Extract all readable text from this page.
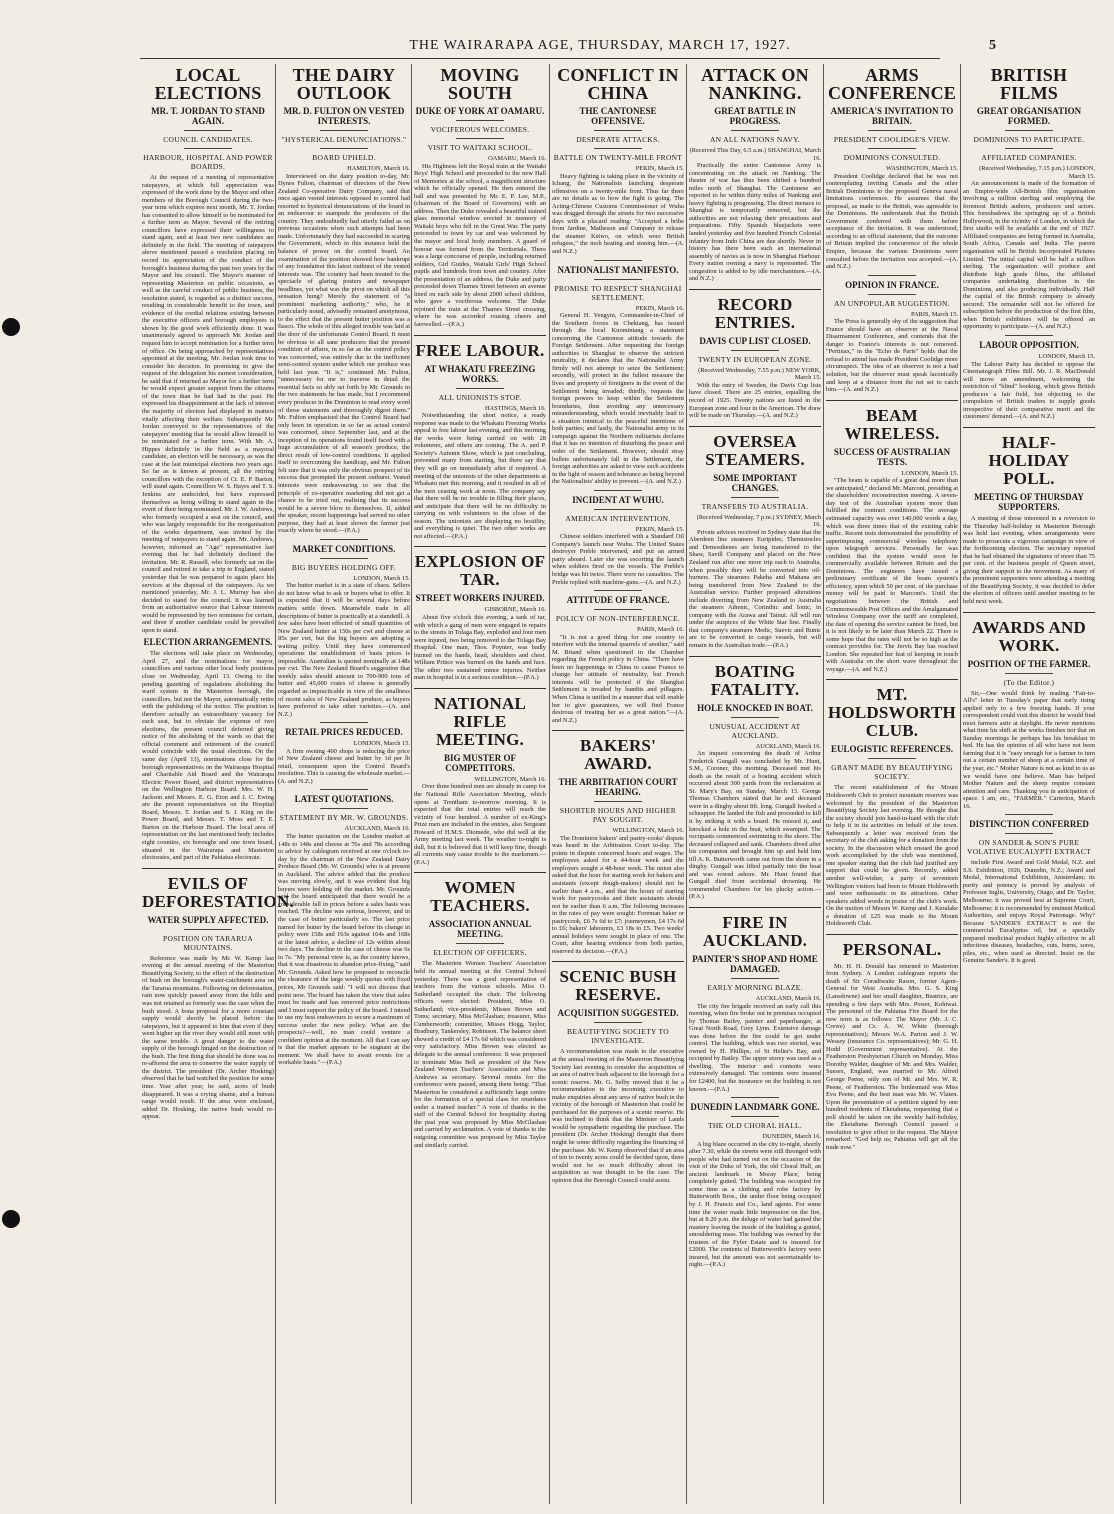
THE WAIRARAPA AGE, THURSDAY, MARCH 17, 1927.	5
LOCAL ELECTIONS
MR. T. JORDAN TO STAND AGAIN.
COUNCIL CANDIDATES.
HARBOUR, HOSPITAL AND POWER BOARDS.

At the request of a meeting of representative ratepayers, at which full appreciation was expressed of the work done by the Mayor and other members of the Borough Council during the two-year term which expires next month, Mr. T. Jordan has consented to allow himself to be nominated for a further term as Mayor. Several of the retiring councillors have expressed their willingness to stand again, and at least two new candidates are definitely in the field. The meeting of ratepayers above mentioned passed a resolution placing on record its appreciation of the conduct of the borough's business during the past two years by the Mayor and his council. The Mayor's manner of representing Masterton on public occasions, as well as the careful conduct of public business, the resolution stated, is regarded as a distinct success, resulting in considerable benefit to the town, and evidence of the cordial relations existing between the executive officers and borough employees is shown by the good work efficiently done. It was unanimously agreed to approach Mr. Jordan and request him to accept nomination for a further term of office. On being approached by representatives appointed at the meeting, Mr. Jordan took time to consider his decision. In promising to give the request of the delegation his earnest consideration, he said that if returned as Mayor for a further term he would expect greater support from the citizens of the town than he had had in the past. He expressed his disappointment at the lack of interest the majority of electors had displayed in matters vitally affecting their welfare. Subsequently Mr. Jordan conveyed to the representatives of the ratepayers' meeting that he would allow himself to be nominated for a further term. With Mr. A. Hippes definitely in the field as a mayoral candidate, an election will be necessary, as was the case at the last municipal elections two years ago. So far as is known at present, all the retiring councillors with the exception of Cr. E. P. Barton, will stand again. Councillors W. S. Hayes and T. S. Jenkins are undecided, but have expressed themselves as being willing to stand again in the event of their being nominated. Mr. J. W. Andrews, who formerly occupied a seat on the council, and who was largely responsible for the reorganisation of the works department, was invited by the meeting of ratepayers to stand again. Mr. Andrews, however, informed an "Age" representative last evening that he had definitely declined the invitation. Mr. R. Russell, who formerly sat on the council and retired to take a trip to England, stated yesterday that he was prepared to again place his services at the disposal of the ratepayers. As we mentioned yesterday, Mr. J. L. Murray has also decided to stand for the council. It was learned from an authoritative source that Labour interests would be represented by two nominees for certain, and three if another candidate could be prevailed upon to stand.

ELECTION ARRANGEMENTS.

The elections will take place on Wednesday, April 27, and the nominations for mayor, councillors and various other local body positions close on Wednesday, April 13. Owing to the pending gazetting of regulations abolishing the ward system in the Masterton borough, the councillors, but not the Mayor, automatically retire with the publishing of the notice. The position is therefore actually an extraordinary vacancy for each seat, but to obviate the expense of two elections, the present council deferred giving notice of the abolishing of the wards so that the official comment and retirement of the council would coincide with the usual elections. On the same day (April 13), nominations close for the borough representatives on the Wairarapa Hospital and Charitable Aid Board and the Wairarapa Electric Power Board, and district representatives on the Wellington Harbour Board. Mrs. W. H. Jackson and Messrs. E. G. Eton and J. C. Ewing are the present representatives on the Hospital Board, Messrs. T. Jordan and S. J. King on the Power Board, and Messrs. T. Moss and T. E. Barton on the Harbour Board. The local area of representation on the last mentioned body includes eight counties, six boroughs and one town board, situated in the Wairarapa and Masterton electorates, and part of the Pahiatua electorate.

EVILS OF DEFORESTATION.
WATER SUPPLY AFFECTED.
POSITION ON TARARUA MOUNTAINS.

Reference was made by Mr. W. Kemp last evening at the annual meeting of the Masterton Beautifying Society, to the effect of the destruction of bush on the borough's water-catchment area on the Tararua mountains. Following on deforestation, rain now quickly passed away from the hills and was not retained as formerly was the case when the bush stood. A bona proposal for a more constant supply would shortly be placed before the ratepayers, but it appeared to him that even if they went higher up the river they would still meet with the same trouble. A great danger to the water supply of the borough hinged on the destruction of the bush. The first thing that should be done was to re-afforest the area to conserve the water supply of the district. The president (Dr. Archer Hosking) observed that he had watched the position for some time. Year after year, he said, acres of bush disappeared. It was a crying shame, and a bureau range would result. If the area were enclosed, added Dr. Hosking, the native bush would re-appear.

THE DAIRY OUTLOOK
MR. D. FULTON ON VESTED INTERESTS.
"HYSTERICAL DENUNCIATIONS."
BOARD UPHELD.
HAMILTON, March 16.

Interviewed on the dairy position to-day, Mr. Dynes Fulton, chairman of directors of the New Zealand Co-operative Dairy Company, said that once again vested interests opposed to control had resorted to hysterical denunciations of the board in an endeavour to stampede the producers of the country. They undoubtedly had utterly failed as on previous occasions when such attempts had been made. Unfortunately they had succeeded in scaring the Government, which in this instance held the balance of power on the control board. An examination of the position showed how bankrupt of any foundation this latest outburst of the vested interests was. The country had been treated to the spectacle of glaring posters and newspaper headlines, yet what was the pivot on which all this sensation hung? Merely the statement of "a prominent marketing authority," who, be it particularly noted, advisedly remained anonymous, to the effect that the present butter position was a fiasco. The whole of this alleged trouble was laid at the door of the unfortunate Control Board. It must be obvious to all sane producers that the present condition of affairs, in so far as the control policy was concerned, was entirely due to the inefficient semi-control system under which our produce was held last year. "It is," continued Mr. Fulton, "unnecessary for me to traverse in detail the essential facts so ably set forth by Mr. Grounds in the two statements he has made, but I recommend every producer in the Dominion to read every word of those statements and thoroughly digest them." Mr. Fulton emphasised that the Control Board had only been in operation in so far as actual control was concerned, since September last, and at the inception of its operations found itself faced with a huge accumulation of all season's produce, the direct result of low-control conditions. It applied itself to overcoming the handicap, and Mr. Fulton felt sure that it was only the obvious prospect of its success that prompted the present outburst. Vested interests were endeavouring to see that the principle of co-operative marketing did not get a chance to be tried out, realising that its success would be a severe blow to themselves. If, added the speaker, recent happenings had served no other purpose, they had at least shown the farmer just exactly where he stood.—(P.A.)

MARKET CONDITIONS.
BIG BUYERS HOLDING OFF.
LONDON, March 15.

The butter market is in a state of chaos. Sellers do not know what to ask or buyers what to offer. It is expected that it will be several days before matters settle down. Meanwhile trade in all descriptions of butter is practically at a standstill. A few sales have been effected of small quantities of New Zealand butter at 150s per cwt and cheese at 85s per cwt, but the big buyers are adopting a waiting policy. Until they have commenced operations the establishment of basis prices is impossible. Australian is quoted nominally at 148s per cwt. The New Zealand Board's suggestion that weekly sales should amount to 700-900 tons of butter and 45,000 crates of cheese is generally regarded as impracticable in view of the smallness of recent sales of New Zealand produce, as buyers have preferred to take other varieties.—(A. and N.Z.)

RETAIL PRICES REDUCED.
LONDON, March 15.

A firm owning 400 shops is reducing the price of New Zealand cheese and butter by 1d per lb retail, consequent upon the Control Board's resolution. This is causing the wholesale market.—(A. and N.Z.)

LATEST QUOTATIONS.
STATEMENT BY MR. W. GROUNDS.
AUCKLAND, March 16.

The butter quotation on the London market at 148s to 148s and cheese at 76s and 78s according to advice by cablegram received at one o'clock to-day by the chairman of the New Zealand Dairy Produce Board (Mr. W. Grounds) who is at present in Auckland. The advice added that the produce was moving slowly, and it was evident that big buyers were holding off the market. Mr. Grounds said the board anticipated that there would be a considerable fall in prices before a sales basis was reached. The decline was serious, however, and in the case of butter particularly so. The last price named for butter by the board before its change in policy were 158s and 163s against 164s and 168s at the latest advice, a decline of 12s within about two days. The decline in the case of cheese was 6s to 7s. "My personal view is, as the country knows, that it was disastrous to abandon price-fixing," said Mr. Grounds. Asked how he proposed to reconcile the clearance of the large weekly quotas with fixed prices, Mr Grounds said: "I will not discuss that point now. The board has taken the view that sales must be made and has removed price restrictions and I must support the policy of the board. I intend to use my best endeavours to secure a maximum of success under the new policy. What are the prospects?—well, no man could venture a confident opinion at the moment. All that I can say is that the market appears to be stagnant at the moment. We shall have to await events for a workable basis."—(P.A.)

MOVING SOUTH
DUKE OF YORK AT OAMARU.
VOCIFEROUS WELCOMES.
VISIT TO WAITAKI SCHOOL.
OAMARU, March 16.

His Highness left the Royal train at the Waitaki Boys' High School and proceeded to the new Hall of Memories at the school, a magnificent structure which he officially opened. He then entered the hall and was presented by Mr. E. P. Lee, M.P., (chairman of the Board of Governors) with an address. Then the Duke revealed a beautiful stained glass memorial window erected in memory of Waitaki boys who fell in the Great War. The party proceeded to town by car and was welcomed by the mayor and local body members. A guard of honour was formed from the Territorials. There was a large concourse of people, including returned soldiers, Girl Guides, Waitaki Girls' High School pupils and hundreds from town and country. After the presentation of an address, the Duke and party proceeded down Thames Street between an avenue lined on each side by about 2000 school children, who gave a vociferous welcome. The Duke rejoined the train at the Thames Street crossing, where he was accorded rousing cheers and farewelled.—(P.A.)

FREE LABOUR.
AT WHAKATU FREEZING WORKS.
ALL UNIONISTS STOP.
HASTINGS, March 16.

Notwithstanding the short notice, a ready response was made to the Whakatu Freezing Works appeal to free labour last evening, and this morning the works were being carried on with 28 volunteers, and others are coming. The A. and P. Society's Autumn Show, which is just concluding, prevented many from starting, but there say that they will go on immediately after if required. A meeting of the unionists of the other departments at Whakatu met this morning, and it resulted in all of the men ceasing work at noon. The company say that there will be no trouble in filling their places, and anticipate that there will be no difficulty in carrying on with volunteers to the close of the season. The unionists are displaying no hostility, and everything is quiet. The two other works are not affected.—(P.A.)

EXPLOSION OF TAR.
STREET WORKERS INJURED.
GISBORNE, March 16.

About five o'clock this evening, a tank of tar, with which a gang of men were engaged in repairs to the streets in Tolaga Bay, exploded and four men were injured, two being removed to the Tolaga Bay Hospital. One man, Thos. Poynter, was badly burned on the hands, head, shoulders and chest. William Prince was burned on the hands and face. The other two sustained minor injuries. Neither man in hospital is in a serious condition.—(P.A.)

NATIONAL RIFLE MEETING.
BIG MUSTER OF COMPETITORS.
WELLINGTON, March 16.

Over three hundred men are already in camp for the National Rifle Association Meeting, which opens at Trentham to-morrow morning. It is expected that the total entries will reach the vicinity of four hundred. A number of ex-King's Prize men are included in the entries, also Sergeant Howard of H.M.S. Diomede, who did well at the Army meeting last week. The weather to-night is dull, but it is believed that it will keep fine, though all currents may cause trouble to the marksmen.—(P.A.)

WOMEN TEACHERS.
ASSOCIATION ANNUAL MEETING.
ELECTION OF OFFICERS.

The Masterton Women Teachers' Association held its annual meeting at the Central School yesterday. There was a good representation of teachers from the various schools. Miss O. Sutherland occupied the chair. The following officers were elected: President, Miss O. Sutherland; vice-presidents, Misses Brown and Toms; secretary, Miss McGlashan; treasurer, Miss Cumberworth; committee, Misses Hogg, Taylor, Bradbury, Tankersley, Robinson. The balance sheet showed a credit of £4 17s 6d which was considered very satisfactory. Miss Brown was elected as delegate to the annual conference. It was proposed to nominate Miss Bell as president of the New Zealand Women Teachers' Association and Miss Andrews as secretary. Several remits for the conference were passed, among them being: "That Masterton be considered a sufficiently large centre for the formation of a special class for retardates under a trained teacher." A vote of thanks to the staff of the Central School for hospitality during the past year was proposed by Miss McGlashan and carried by acclamation. A vote of thanks to the outgoing committee was proposed by Miss Taylor and similarly carried.

CONFLICT IN CHINA
THE CANTONESE OFFENSIVE.
DESPERATE ATTACKS.
BATTLE ON TWENTY-MILE FRONT
PEKIN, March 15.

Heavy fighting is taking place in the vicinity of Ichang, the Nationalists launching desperate offensives on a twenty-mile front. Thus far there are no details as to how the fight is going. The Acting-Chinese Customs Commissioner of Wuhu was dragged through the streets for two successive days with a placard reading: "Accepted a bribe from Jardine, Matheson and Company to release the steamer Ketwo, on which were British refugees," the mob beating and stoning him.—(A. and N.Z.)

NATIONALIST MANIFESTO.
PROMISE TO RESPECT SHANGHAI SETTLEMENT.
PEKIN, March 16.

General H. Yengyin, Commander-in-Chief of the Southern forces in Chekiang, has issued through the local Kuomintang a statement concerning the Cantonese attitude towards the Foreign Settlement. After requesting the foreign authorities in Shanghai to observe the strictest neutrality, it declares that the Nationalist Army firmly will not attempt to seize the Settlement; secondly, will protect in the fullest measure the lives and property of foreigners in the event of the Settlement being invaded; thirdly, requests the foreign powers to keep within the Settlement boundaries, thus avoiding any unnecessary misunderstanding, which would inevitably lead to a situation inimical to the peaceful intentions of both parties; and lastly, the Nationalist army in its campaign against the Northern militarists declares that it has no intention of disturbing the peace and order of the Settlement. However, should stray bullets unfortunately fall in the Settlement, the foreign authorities are asked to view such accidents in the light of reason and tolerance as being beyond the Nationalists' ability to prevent.—(A. and N.Z.)

INCIDENT AT WUHU.
AMERICAN INTERVENTION.
PEKIN, March 15.

Chinese soldiers interfered with a Standard Oil Company's launch near Wuhu. The United States destroyer Preble intervened, and put an armed party aboard. Later she was escorting the launch when soldiers fired on the vessels. The Preble's bridge was hit twice. There were no casualties. The Preble replied with machine-guns.—(A. and N.Z.)

ATTITUDE OF FRANCE.
POLICY OF NON-INTERFERENCE.
PARIS, March 16.

"It is not a good thing for one country to interfere with the internal quarrels of another," said M. Briand when questioned in the Chamber regarding the French policy in China. "There have been no happenings in China to cause France to change her attitude of neutrality, but French interests will be protected if the Shanghai Settlement is invaded by bandits and pillagers. When China is unified in a manner that will enable her to give guarantees, we will find France desirous of treating her as a great nation."—(A. and N.Z.)

BAKERS' AWARD.
THE ARBITRATION COURT HEARING.
SHORTER HOURS AND HIGHER PAY SOUGHT.
WELLINGTON, March 16.

The Dominion bakers' and pastry-cooks' dispute was heard in the Arbitration Court to-day. The points in dispute concerned hours and wages. The employees asked for a 44-hour week and the employers sought a 48-hour week. The union also asked that the hour for starting work for bakers and assistants (except dough-makers) should not be earlier than 4 a.m., and that the hours of starting work for pastrycooks and their assistants should not be earlier than 6 a.m. The following increases in the rates of pay were sought: Foreman baker or pastrycook, £6 7s 6d to £7; journeymen, £4 17s 6d to £6; bakers' labourers, £3 18s to £5. Two weeks' annual holidays were sought in place of one. The Court, after hearing evidence from both parties, reserved its decision.—(P.A.)

SCENIC BUSH RESERVE.
ACQUISITION SUGGESTED.
BEAUTIFYING SOCIETY TO INVESTIGATE.

A recommendation was made to the executive at the annual meeting of the Masterton Beautifying Society last evening to consider the acquisition of an area of native bush adjacent to the borough for a scenic reserve. Mr. G. Selby moved that it be a recommendation to the incoming executive to make enquiries about any area of native bush in the vicinity of the borough of Masterton that could be purchased for the purposes of a scenic reserve. He was inclined to think that the Minister of Lands would be sympathetic regarding the purchase. The president (Dr. Archer Hosking) thought that there might be some difficulty regarding the financing of the purchase. Mr. W. Kemp observed that if an area of ten to twenty acres could be decided upon, there would not be so much difficulty about its acquisition as was thought to be the case. The opinion that the Borough Council could assist.

ATTACK ON NANKING.
GREAT BATTLE IN PROGRESS.
AN ALL NATIONS NAVY.
(Received This Day, 6.5 a.m.) SHANGHAI, March 16.

Practically the entire Cantonese Army is concentrating on the attack on Nanking. The theatre of war has thus been shifted a hundred miles north of Shanghai. The Cantonese are reported to be within thirty miles of Nanking and heavy fighting is progressing. The direct menace to Shanghai is temporarily removed, but the authorities are not relaxing their precautions and preparations. Fifty Spanish bluejackets were landed yesterday and five hundred French Colonial infantry from Indo China are due shortly. Never in history has there been such an international assembly of navies as is now in Shanghai Harbour. Every nation owning a navy is represented. The congestion is added to by idle merchantmen.—(A. and N.Z.)

RECORD ENTRIES.
DAVIS CUP LIST CLOSED.
TWENTY IN EUROPEAN ZONE.
(Received Wednesday, 7.55 p.m.) NEW YORK, March 15.

With the entry of Sweden, the Davis Cup lists have closed. There are 25 entries, equalling the record of 1925. Twenty nations are listed in the European zone and four in the American. The draw will be made on Thursday.—(A. and N.Z.)

OVERSEA STEAMERS.
SOME IMPORTANT CHANGES.
TRANSFERS TO AUSTRALIA.
(Received Wednesday, 7 p.m.) SYDNEY, March 16.

Private advices received in Sydney state that the Aberdeen line steamers Euripides, Themistocles and Demosthenes are being transferred to the Shaw, Savill Company and placed on the New Zealand run after one more trip each to Australia, when possibly they will be converted into oil-burners. The steamers Pakeha and Mahana are being transferred from New Zealand to the Australian service. Further proposed alterations include diverting from New Zealand to Australia the steamers Athenic, Corinthic and Ionic, in company with the Arawa and Tainui. All will run under the auspices of the White Star line. Finally that company's steamers Medic, Suevic and Runic are to be converted to cargo vessels, but will remain in the Australian trade.—(P.A.)

BOATING FATALITY.
HOLE KNOCKED IN BOAT.
UNUSUAL ACCIDENT AT AUCKLAND.
AUCKLAND, March 16.

An inquest concerning the death of Arthur Frederick Gungall was concluded by Mr. Hunt, S.M., Coroner, this morning. Deceased met his death as the result of a boating accident which occurred about 300 yards from the reclamation at St. Mary's Bay, on Sunday, March 13. George Thomas Chambers stated that he and deceased were in a dinghy about 8ft. long. Gungall hooked a schnapper. He landed the fish and proceeded to kill it by striking it with a board. He missed it, and knocked a hole in the boat, which swamped. The occupants commenced swimming to the shore. The deceased collapsed and sank. Chambers dived after his companion and brought him up and held him till A. K. Butterworth came out from the shore in a dinghy. Gungall was lifted partially into the boat and was rowed ashore. Mr. Hunt found that Gungall died from accidental drowning. He commended Chambers for his plucky action.—(P.A.)

FIRE IN AUCKLAND.
PAINTER'S SHOP AND HOME DAMAGED.
EARLY MORNING BLAZE.
AUCKLAND, March 16.

The city fire brigade received an early call this morning, when fire broke out in premises occupied by Thomas Bailey, painter and paperhanger, at Great North Road, Grey Lynn. Extensive damage was done before the fire could be got under control. The building, which was two storied, was owned by H. Phillips, of St Helier's Bay, and occupied by Bailey. The upper storey was used as a dwelling. The interior and contents were extensively damaged. The contents were insured for £2400, but the insurance on the building is not known.—(P.A.)

DUNEDIN LANDMARK GONE.
THE OLD CHORAL HALL.
DUNEDIN, March 16.

A big blaze occurred in the city to-night, shortly after 7.30, while the streets were still thronged with people who had turned out on the occasion of the visit of the Duke of York, the old Choral Hall, an ancient landmark in Moray Place, being completely gutted. The building was occupied for some time as a clothing and robe factory by Butterworth Bros., the under floor being occupied by J. H. Francis and Co., land agents. For some time the water made little impression on the fire, but at 8.20 p.m. the deluge of water had gained the mastery leaving the inside of the building a gutted, smouldering mass. The building was owned by the trustees of the Fyfer Estate and is insured for £2000. The contents of Butterworth's factory were insured, but the amount was not ascertainable to-night.—(P.A.)

ARMS CONFERENCE
AMERICA'S INVITATION TO BRITAIN.
PRESIDENT COOLIDGE'S VIEW.
DOMINIONS CONSULTED.
WASHINGTON, March 15.

President Coolidge declared that he was not contemplating inviting Canada and the other British Dominions to the proposed Geneva naval limitations conference. He assumes that the proposal, as made to the British, was agreeable to the Dominions. He understands that the British Government conferred with them before acceptance of the invitation. It was understood, according to an official statement, that the outcome of Britain implied the concurrence of the whole Empire, because the various Dominions were consulted before the invitation was accepted.—(A. and N.Z.)

OPINION IN FRANCE.
AN UNPOPULAR SUGGESTION.
PARIS, March 15.

The Press is generally shy of the suggestion that France should have an observer at the Naval Disarmament Conference, and contends that the danger to France's interests is not removed. "Pertinax," in the "Echo de Paris" holds that the refusal to attend has made President Coolidge more circumspect. The idea of an observer is not a bad solution, but the observer must speak laconically and keep at a distance from the net set to catch him.—(A. and N.Z.)

BEAM WIRELESS.
SUCCESS OF AUSTRALIAN TESTS.
LONDON, March 15.

"The beam is capable of a great deal more than we anticipated," declared Mr. Marconi, presiding at the shareholders' reconstruction meeting. A seven-day test of the Australian system more than fulfilled the contract conditions. The average estimated capacity was over 140,000 words a day, which was three times that of the existing cable traffic. Recent tests demonstrated the possibility of superimposing commercial wireless telephony upon telegraph services. Personally he was confident that the system would soon be commercially available between Britain and the Dominions. The engineers have issued a preliminary certificate of the beam system's efficiency, upon which 50 per cent. of the purchase money will be paid to Marconi's. Until the negotiations between the British and Commonwealth Post Offices and the Amalgamated Wireless Company over the tariff are completed, the date of opening the service cannot be fixed, but it is not likely to be later than March 22. There is some hope that the rates will not be so high as the contract provides for. The Jervis Bay has reached London. She repeated her feat of keeping in touch with Australia on the short wave throughout the voyage.—(A. and N.Z.)

MT. HOLDSWORTH CLUB.
EULOGISTIC REFERENCES.
GRANT MADE BY BEAUTIFYING SOCIETY.

The recent establishment of the Mount Holdsworth Club to protect mountain reserves was welcomed by the president of the Masterton Beautifying Society last evening. He thought that the society should join hand-in-hand with the club to help it in its activities on behalf of the town. Subsequently a letter was received from the secretary of the club asking for a donation from the society. In the discussion which ensued the good work accomplished by the club was mentioned, one speaker stating that the club had justified any support that could be given. Recently, added another well-wisher, a party of seventeen Wellington visitors had been to Mount Holdsworth and were enthusiastic in its attractions. Other speakers added words in praise of the club's work. On the motion of Messrs W. Kemp and J. Keralake a donation of £25 was made to the Mount Holdsworth Club.

PERSONAL.

Mr. H. H. Donald has returned to Masterton from Sydney. A London cablegram reports the death of Sir Coradiwaite Rason, former Agent-General for West Australia. Mrs. G. S. King (Lansdowne) and her small daughter, Beatrice, are spending a few days with Mrs. Power, Kohiwai. The personnel of the Pahiatua Fire Board for the new term is as follows: The Mayor (Mr. J. C. Crewe) and Cr. A. W. White (borough representatives); Messrs W.A. Parton and J. W. Wessey (insurance Co. representatives); Mr. G. H. Hodd (Government representative). At the Featherston Presbyterian Church on Monday, Miss Dorothy Walder, daughter of Mr. and Mrs. Walder, Sussex, England, was married to Mr. Alfred George Peene, only son of Mr. and Mrs. W. R. Peene, of Featherston. The bridesmaid was Miss Eva Peene, and the best man was Mr. W. Vlaten. Upon the presentation of a petition signed by one hundred residents of Eketahuna, requesting that a poll should be taken on the weekly half-holiday, the Eketahuna Borough Council passed a resolution to give effect to the request. The Mayor remarked: "God help us; Pahiatua will get all the trade now."

BRITISH FILMS
GREAT ORGANISATION FORMED.
DOMINIONS TO PARTICIPATE.
AFFILIATED COMPANIES.
(Received Wednesday, 7.15 p.m.) LONDON, March 15.

An announcement is made of the formation of an Empire-wide All-British film organisation involving a million sterling and employing the foremost British authors, producers and actors. This foreshadows the springing up of a British Hollywood, in the vicinity of London, in which the first studio will be available at the end of 1927. Affiliated companies are being formed in Australia, South Africa, Canada and India. The parent organisation will be British Incorporated Pictures Limited. The initial capital will be half a million sterling. The organisation will produce and distribute high grade films, the affiliated companies undertaking distribution in the Dominions, and also producing individually. Half the capital of the British company is already secured. The remainder will not be offered for subscription before the production of the first film, when British exhibitors will be offered an opportunity to participate.—(A. and N.Z.)

LABOUR OPPOSITION.
LONDON, March 15.

The Labour Party has decided to oppose the Cinematograph Films Bill. Mr. J. R. MacDonald will move an amendment, welcoming the restriction of "blind" booking, which gives British producers a fair field, but objecting to the compulsion of British traders to supply goods irrespective of their comparative merit and the customers' demand.—(A. and N.Z.)

HALF-HOLIDAY POLL.
MEETING OF THURSDAY SUPPORTERS.

A meeting of those interested in a reversion to the Thursday half-holiday in Masterton Borough was held last evening, when arrangements were made to prosecute a vigorous campaign in view of the forthcoming election. The secretary reported that he had obtained the signatures of more than 75 per cent. of the business people of Queen street, giving their support to the movement. As many of the prominent supporters were attending a meeting of the Beautifying Society, it was decided to defer the election of officers until another meeting to be held next week.

AWARDS AND WORK.
POSITION OF THE FARMER.
(To the Editor.)

Sir,—One would think by reading "Fair-to-All's" letter in Tuesday's paper that early rising applied only to a few freezing hands. If your correspondent could visit this district he would find most farmers astir at daylight. He never mentions what time his shift at the works finishes nor that on Sunday mornings he perhaps has his breakfast in bed. He has the opinion of all who have not been farming that it is "easy enough for a farmer to turn out a certain number of sheep at a certain time of the year, etc." Mother Nature is not as kind to us as we would have one believe. Man has helped Mother Nature and the sheep require constant attention and care. Thanking you in anticipation of space. I am, etc., "FARMER." Carterton, March 16.

DISTINCTION CONFERRED
ON SANDER & SON'S PURE VOLATIVE EUCALYPTI EXTRACT

include First Award and Gold Medal, N.Z. and S.S. Exhibition, 1926, Dunedin, N.Z.; Award and Medal, International Exhibition, Amsterdam; its purity and potency is proved by analysis of Professor Inglis, University, Otago, and Dr. Taylor, Melbourne; it was proved best at Supreme Court, Melbourne; it is recommended by eminent Medical Authorities, and enjoys Royal Patronage. Why? Because SANDER'S EXTRACT is not the commercial Eucalyptus oil, but a specially prepared medicinal product highly effective in all infectious diseases, headaches, cuts, burns, sores, piles, etc., when used as directed. Insist on the Genuine Sander's. It is good.
